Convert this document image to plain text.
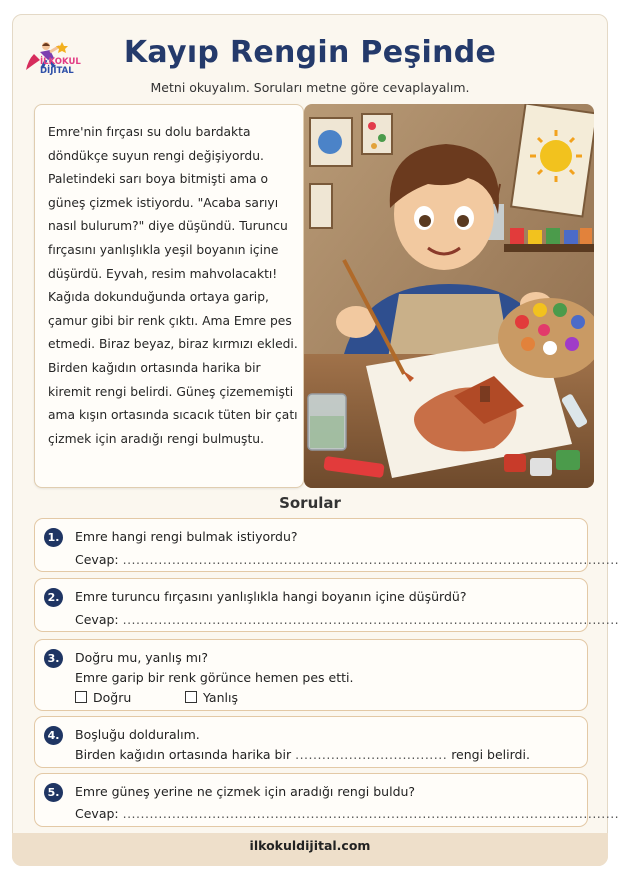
İLKOKUL
DİJİTAL
Kayıp Rengin Peşinde
Metni okuyalım. Soruları metne göre cevaplayalım.
Emre'nin fırçası su dolu bardakta
döndükçe suyun rengi değişiyordu.
Paletindeki sarı boya bitmişti ama o
güneş çizmek istiyordu. "Acaba sarıyı
nasıl bulurum?" diye düşündü. Turuncu
fırçasını yanlışlıkla yeşil boyanın içine
düşürdü. Eyvah, resim mahvolacaktı!
Kağıda dokunduğunda ortaya garip,
çamur gibi bir renk çıktı. Ama Emre pes
etmedi. Biraz beyaz, biraz kırmızı ekledi.
Birden kağıdın ortasında harika bir
kiremit rengi belirdi. Güneş çizememişti
ama kışın ortasında sıcacık tüten bir çatı
çizmek için aradığı rengi bulmuştu.
Sorular
1. Emre hangi rengi bulmak istiyordu?
Cevap: ...............................................................................................................
2. Emre turuncu fırçasını yanlışlıkla hangi boyanın içine düşürdü?
Cevap: ...............................................................................................................
3. Doğru mu, yanlış mı?
Emre garip bir renk görünce hemen pes etti.
Doğru	Yanlış
4. Boşluğu dolduralım.
Birden kağıdın ortasında harika bir .................................. rengi belirdi.
5. Emre güneş yerine ne çizmek için aradığı rengi buldu?
Cevap: ...............................................................................................................
ilkokuldijital.com
